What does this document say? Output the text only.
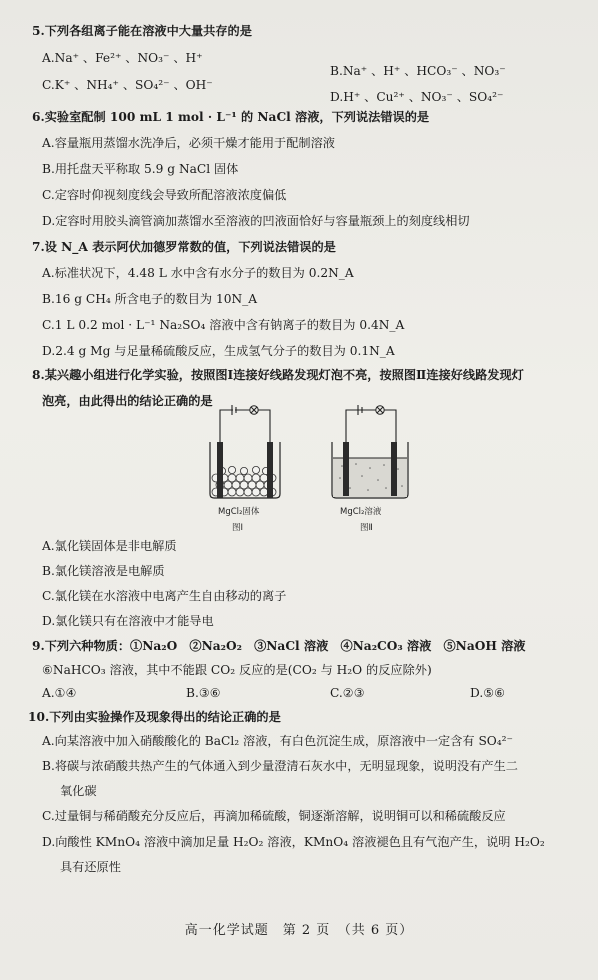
5.下列各组离子能在溶液中大量共存的是
A.Na⁺ 、Fe²⁺ 、NO₃⁻ 、H⁺
B.Na⁺ 、H⁺ 、HCO₃⁻ 、NO₃⁻
C.K⁺ 、NH₄⁺ 、SO₄²⁻ 、OH⁻
D.H⁺ 、Cu²⁺ 、NO₃⁻ 、SO₄²⁻
6.实验室配制 100 mL 1 mol · L⁻¹ 的 NaCl 溶液，下列说法错误的是
A.容量瓶用蒸馏水洗净后，必须干燥才能用于配制溶液
B.用托盘天平称取 5.9 g NaCl 固体
C.定容时仰视刻度线会导致所配溶液浓度偏低
D.定容时用胶头滴管滴加蒸馏水至溶液的凹液面恰好与容量瓶颈上的刻度线相切
7.设 N_A 表示阿伏加德罗常数的值，下列说法错误的是
A.标准状况下，4.48 L 水中含有水分子的数目为 0.2N_A
B.16 g CH₄ 所含电子的数目为 10N_A
C.1 L 0.2 mol · L⁻¹ Na₂SO₄ 溶液中含有钠离子的数目为 0.4N_A
D.2.4 g Mg 与足量稀硫酸反应，生成氢气分子的数目为 0.1N_A
8.某兴趣小组进行化学实验，按照图Ⅰ连接好线路发现灯泡不亮，按照图Ⅱ连接好线路发现灯
泡亮，由此得出的结论正确的是
MgCl₂固体
图Ⅰ
MgCl₂溶液
图Ⅱ
A.氯化镁固体是非电解质
B.氯化镁溶液是电解质
C.氯化镁在水溶液中电离产生自由移动的离子
D.氯化镁只有在溶液中才能导电
9.下列六种物质：①Na₂O　②Na₂O₂　③NaCl 溶液　④Na₂CO₃ 溶液　⑤NaOH 溶液
⑥NaHCO₃ 溶液，其中不能跟 CO₂ 反应的是(CO₂ 与 H₂O 的反应除外)
A.①④	B.③⑥	C.②③	D.⑤⑥
10.下列由实验操作及现象得出的结论正确的是
A.向某溶液中加入硝酸酸化的 BaCl₂ 溶液，有白色沉淀生成，原溶液中一定含有 SO₄²⁻
B.将碳与浓硝酸共热产生的气体通入到少量澄清石灰水中，无明显现象，说明没有产生二
氧化碳
C.过量铜与稀硝酸充分反应后，再滴加稀硫酸，铜逐渐溶解，说明铜可以和稀硫酸反应
D.向酸性 KMnO₄ 溶液中滴加足量 H₂O₂ 溶液，KMnO₄ 溶液褪色且有气泡产生，说明 H₂O₂
具有还原性
高一化学试题　第 2 页　（共 6 页）
